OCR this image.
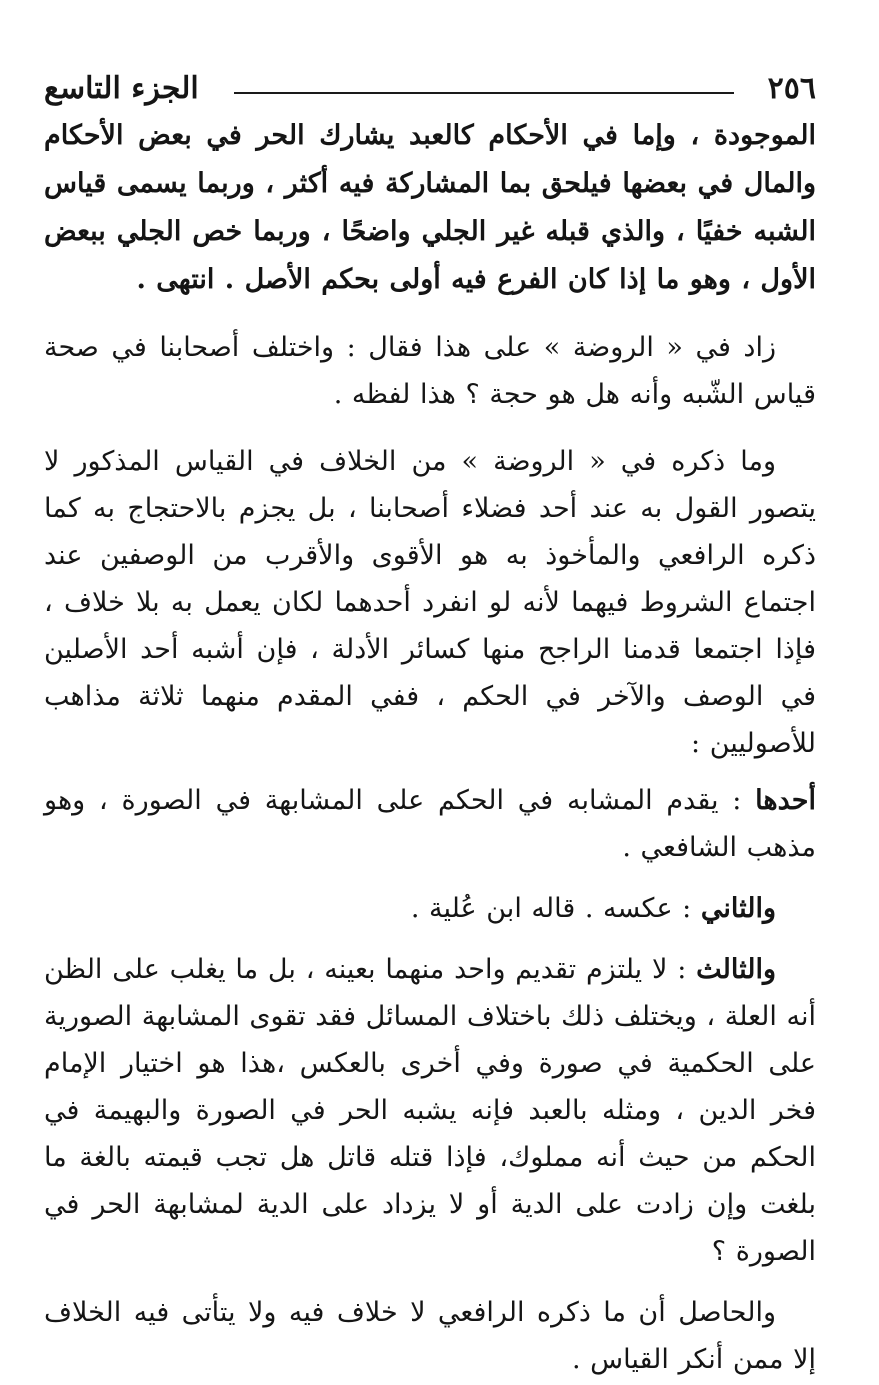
٢٥٦
الجزء التاسع

الموجودة ، وإما في الأحكام كالعبد يشارك الحر في بعض الأحكام والمال في بعضها فيلحق بما المشاركة فيه أكثر ، وربما يسمى قياس الشبه خفيًا ، والذي قبله غير الجلي واضحًا ، وربما خص الجلي ببعض الأول ، وهو ما إذا كان الفرع فيه أولى بحكم الأصل . انتهى .

زاد في « الروضة » على هذا فقال : واختلف أصحابنا في صحة قياس الشّبه وأنه هل هو حجة ؟ هذا لفظه .

وما ذكره في « الروضة » من الخلاف في القياس المذكور لا يتصور القول به عند أحد فضلاء أصحابنا ، بل يجزم بالاحتجاج به كما ذكره الرافعي والمأخوذ به هو الأقوى والأقرب من الوصفين عند اجتماع الشروط فيهما لأنه لو انفرد أحدهما لكان يعمل به بلا خلاف ، فإذا اجتمعا قدمنا الراجح منها كسائر الأدلة ، فإن أشبه أحد الأصلين في الوصف والآخر في الحكم ، ففي المقدم منهما ثلاثة مذاهب للأصوليين :

أحدها : يقدم المشابه في الحكم على المشابهة في الصورة ، وهو مذهب الشافعي .

والثاني : عكسه . قاله ابن عُلية .

والثالث : لا يلتزم تقديم واحد منهما بعينه ، بل ما يغلب على الظن أنه العلة ، ويختلف ذلك باختلاف المسائل فقد تقوى المشابهة الصورية على الحكمية في صورة وفي أخرى بالعكس ،هذا هو اختيار الإمام فخر الدين ، ومثله بالعبد فإنه يشبه الحر في الصورة والبهيمة في الحكم من حيث أنه مملوك، فإذا قتله قاتل هل تجب قيمته بالغة ما بلغت وإن زادت على الدية أو لا يزداد على الدية لمشابهة الحر في الصورة ؟

والحاصل أن ما ذكره الرافعي لا خلاف فيه ولا يتأتى فيه الخلاف إلا ممن أنكر القياس .
